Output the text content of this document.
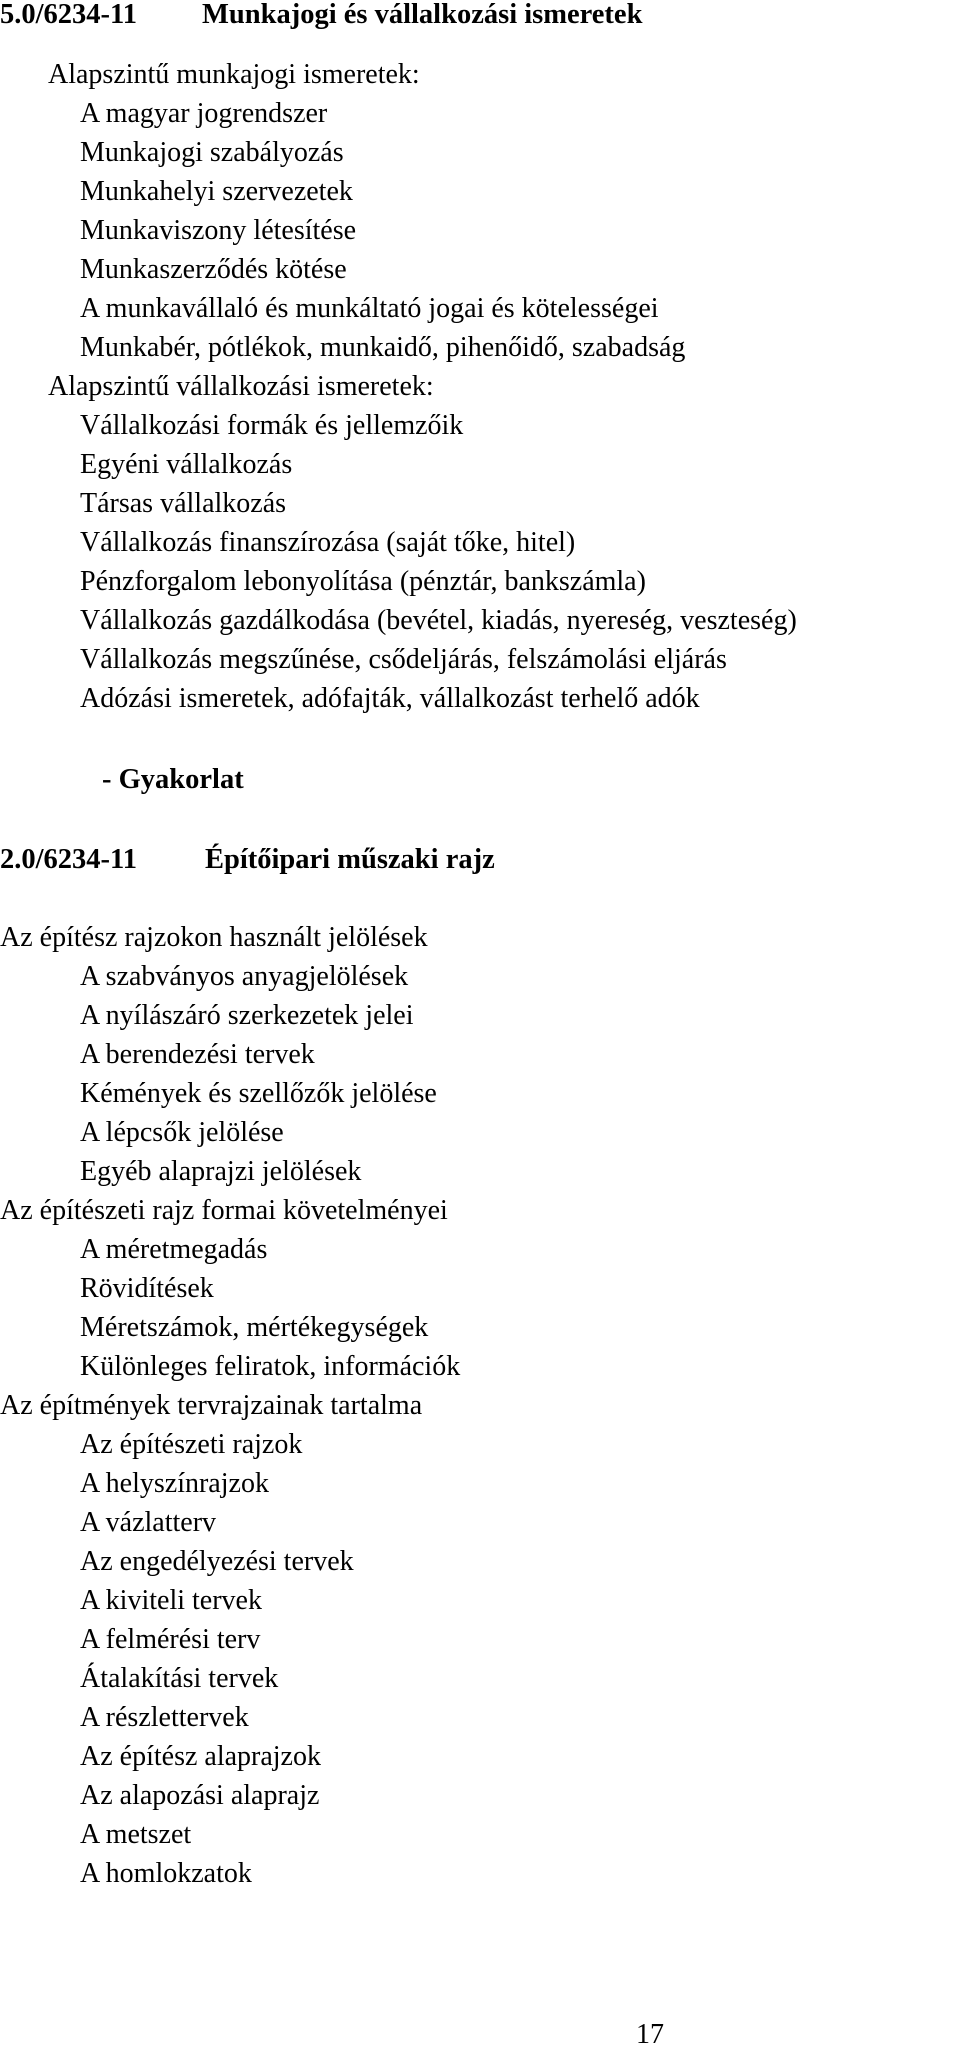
5.0/6234-11 Munkajogi és vállalkozási ismeretek
Alapszintű munkajogi ismeretek:
A magyar jogrendszer
Munkajogi szabályozás
Munkahelyi szervezetek
Munkaviszony létesítése
Munkaszerződés kötése
A munkavállaló és munkáltató jogai és kötelességei
Munkabér, pótlékok, munkaidő, pihenőidő, szabadság
Alapszintű vállalkozási ismeretek:
Vállalkozási formák és jellemzőik
Egyéni vállalkozás
Társas vállalkozás
Vállalkozás finanszírozása (saját tőke, hitel)
Pénzforgalom lebonyolítása (pénztár, bankszámla)
Vállalkozás gazdálkodása (bevétel, kiadás, nyereség, veszteség)
Vállalkozás megszűnése, csődeljárás, felszámolási eljárás
Adózási ismeretek, adófajták, vállalkozást terhelő adók
- Gyakorlat
2.0/6234-11 Építőipari műszaki rajz
Az építész rajzokon használt jelölések
A szabványos anyagjelölések
A nyílászáró szerkezetek jelei
A berendezési tervek
Kémények és szellőzők jelölése
A lépcsők jelölése
Egyéb alaprajzi jelölések
Az építészeti rajz formai követelményei
A méretmegadás
Rövidítések
Méretszámok, mértékegységek
Különleges feliratok, információk
Az építmények tervrajzainak tartalma
Az építészeti rajzok
A helyszínrajzok
A vázlatterv
Az engedélyezési tervek
A kiviteli tervek
A felmérési terv
Átalakítási tervek
A részlettervek
Az építész alaprajzok
Az alapozási alaprajz
A metszet
A homlokzatok
17
